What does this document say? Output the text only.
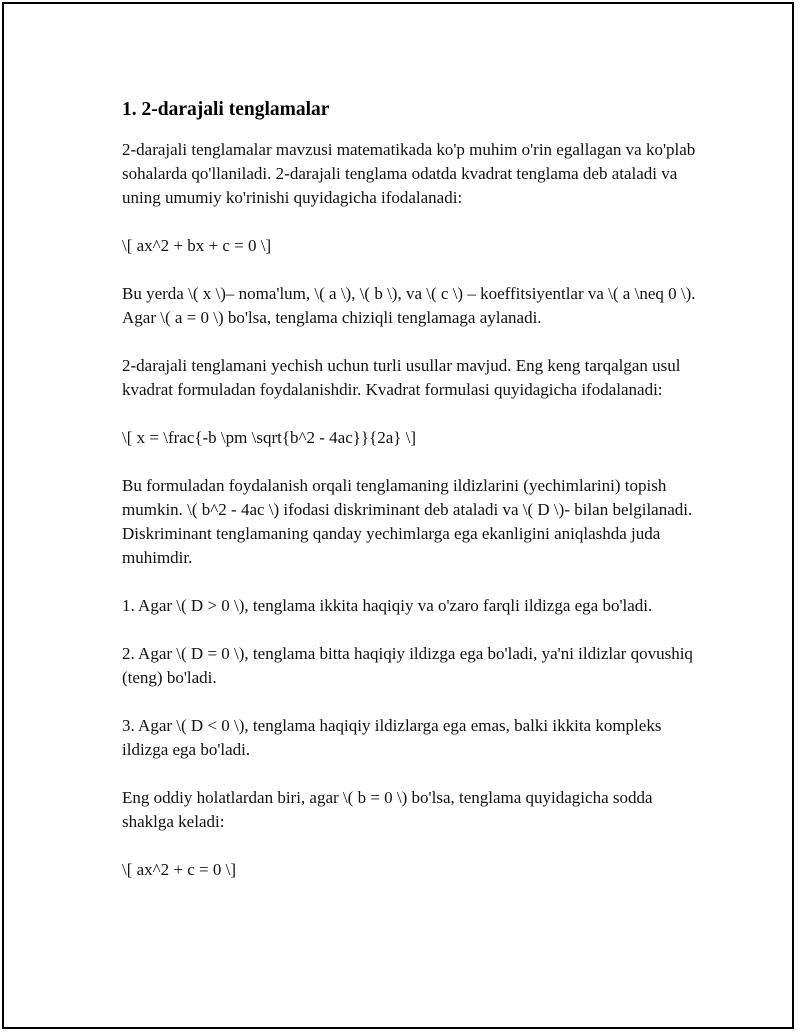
1. 2-darajali tenglamalar

2-darajali tenglamalar mavzusi matematikada ko'p muhim o'rin egallagan va ko'plab sohalarda qo'llaniladi. 2-darajali tenglama odatda kvadrat tenglama deb ataladi va uning umumiy ko'rinishi quyidagicha ifodalanadi:

\[ ax^2 + bx + c = 0 \]

Bu yerda \( x \)– noma'lum, \( a \), \( b \), va \( c \) – koeffitsiyentlar va \( a \neq 0 \). Agar \( a = 0 \) bo'lsa, tenglama chiziqli tenglamaga aylanadi.

2-darajali tenglamani yechish uchun turli usullar mavjud. Eng keng tarqalgan usul kvadrat formuladan foydalanishdir. Kvadrat formulasi quyidagicha ifodalanadi:

\[ x = \frac{-b \pm \sqrt{b^2 - 4ac}}{2a} \]

Bu formuladan foydalanish orqali tenglamaning ildizlarini (yechimlarini) topish mumkin. \( b^2 - 4ac \) ifodasi diskriminant deb ataladi va \( D \)- bilan belgilanadi. Diskriminant tenglamaning qanday yechimlarga ega ekanligini aniqlashda juda muhimdir.

1. Agar \( D > 0 \), tenglama ikkita haqiqiy va o'zaro farqli ildizga ega bo'ladi.

2. Agar \( D = 0 \), tenglama bitta haqiqiy ildizga ega bo'ladi, ya'ni ildizlar qovushiq (teng) bo'ladi.

3. Agar \( D < 0 \), tenglama haqiqiy ildizlarga ega emas, balki ikkita kompleks ildizga ega bo'ladi.

Eng oddiy holatlardan biri, agar \( b = 0 \) bo'lsa, tenglama quyidagicha sodda shaklga keladi:

\[ ax^2 + c = 0 \]
